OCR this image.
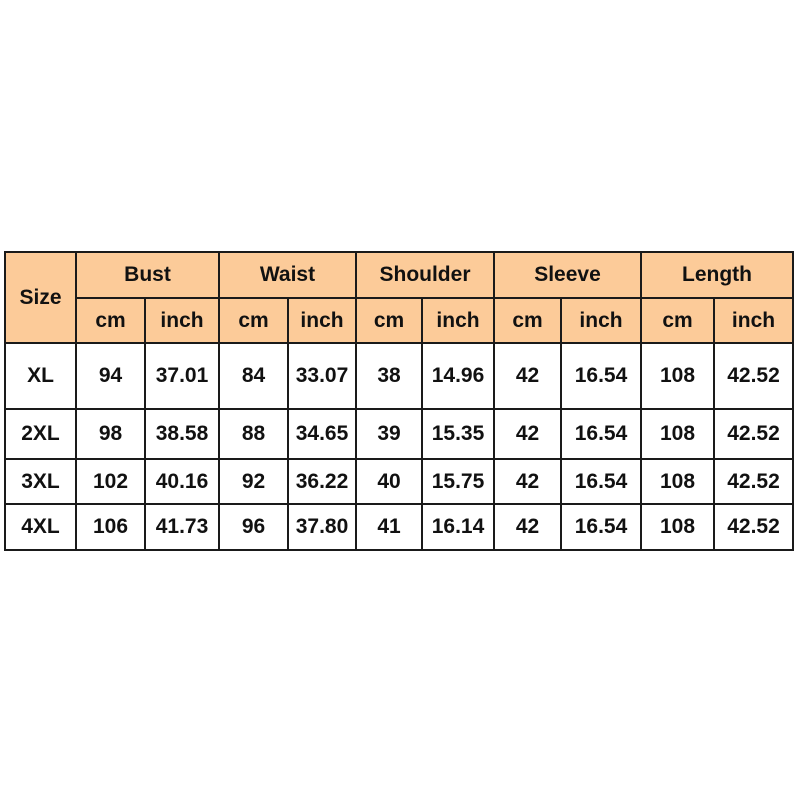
Size	Bust		Waist		Shoulder		Sleeve		Length	
	cm	inch	cm	inch	cm	inch	cm	inch	cm	inch
XL	94	37.01	84	33.07	38	14.96	42	16.54	108	42.52
2XL	98	38.58	88	34.65	39	15.35	42	16.54	108	42.52
3XL	102	40.16	92	36.22	40	15.75	42	16.54	108	42.52
4XL	106	41.73	96	37.80	41	16.14	42	16.54	108	42.52
